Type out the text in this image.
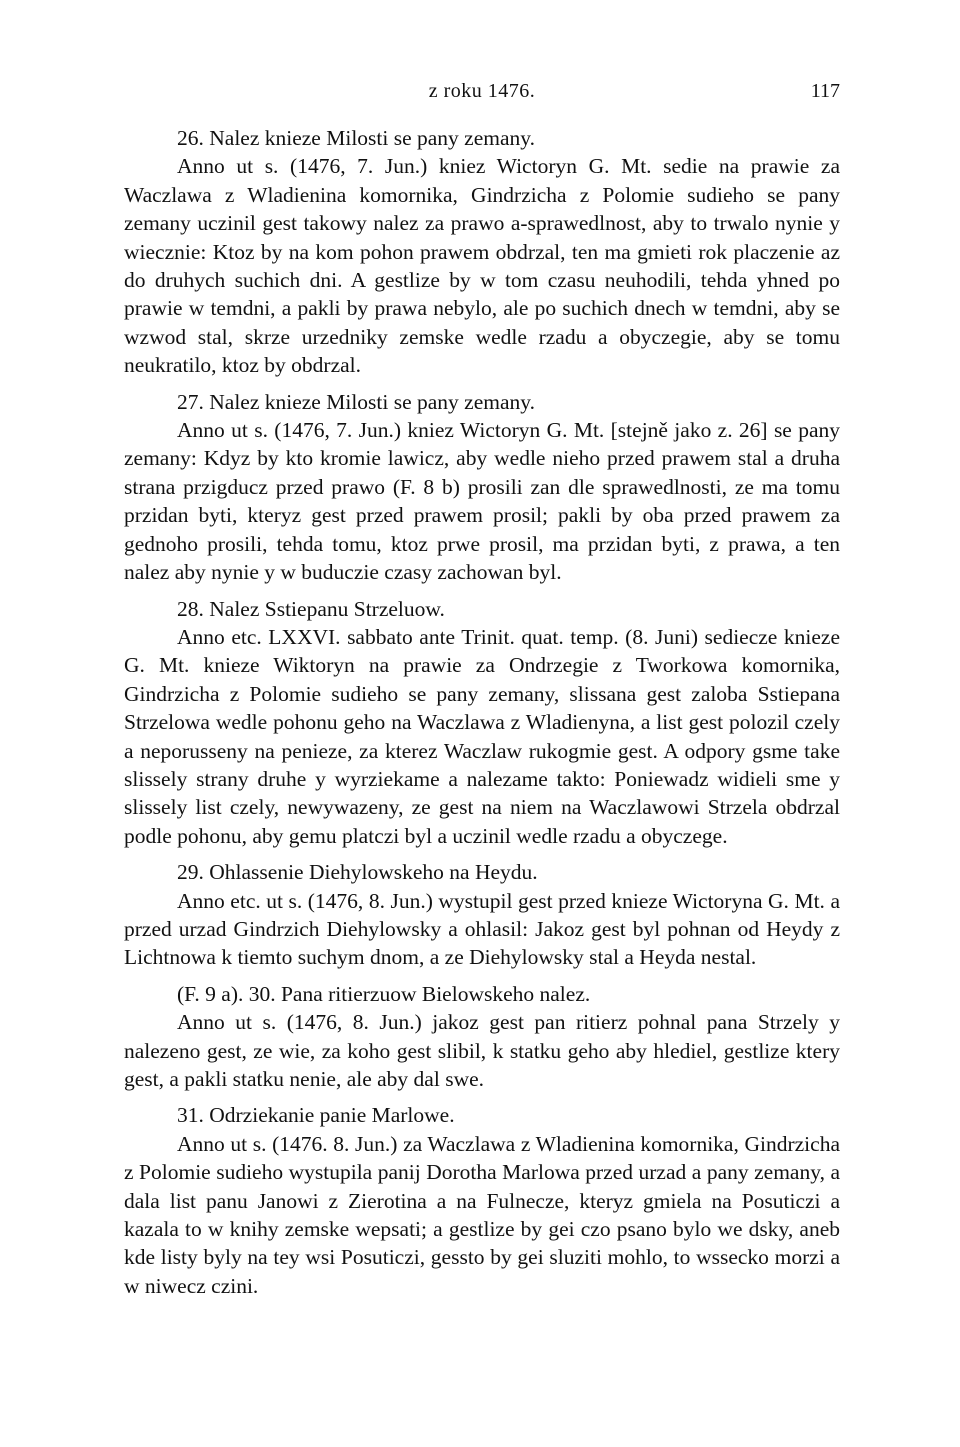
z roku 1476.	117

26. Nalez knieze Milosti se pany zemany.

Anno ut s. (1476, 7. Jun.) kniez Wictoryn G. Mt. sedie na prawie za Waczlawa z Wladienina komornika, Gindrzicha z Polomie sudieho se pany zemany uczinil gest takowy nalez za prawo a-sprawedlnost, aby to trwalo nynie y wiecznie: Ktoz by na kom pohon prawem obdrzal, ten ma gmieti rok placzenie az do druhych suchich dni. A gestlize by w tom czasu neuhodili, tehda yhned po prawie w temdni, a pakli by prawa nebylo, ale po suchich dnech w temdni, aby se wzwod stal, skrze urzedniky zemske wedle rzadu a obyczegie, aby se tomu neukratilo, ktoz by obdrzal.

27. Nalez knieze Milosti se pany zemany.

Anno ut s. (1476, 7. Jun.) kniez Wictoryn G. Mt. [stejně jako z. 26] se pany zemany: Kdyz by kto kromie lawicz, aby wedle nieho przed prawem stal a druha strana przigducz przed prawo (F. 8 b) prosili zan dle sprawedlnosti, ze ma tomu przidan byti, kteryz gest przed prawem prosil; pakli by oba przed prawem za gednoho prosili, tehda tomu, ktoz prwe prosil, ma przidan byti, z prawa, a ten nalez aby nynie y w buduczie czasy zachowan byl.

28. Nalez Sstiepanu Strzeluow.

Anno etc. LXXVI. sabbato ante Trinit. quat. temp. (8. Juni) sediecze knieze G. Mt. knieze Wiktoryn na prawie za Ondrzegie z Tworkowa komornika, Gindrzicha z Polomie sudieho se pany zemany, slissana gest zaloba Sstiepana Strzelowa wedle pohonu geho na Waczlawa z Wladienyna, a list gest polozil czely a neporusseny na penieze, za kterez Waczlaw rukogmie gest. A odpory gsme take slissely strany druhe y wyrziekame a nalezame takto: Poniewadz widieli sme y slissely list czely, newywazeny, ze gest na niem na Waczlawowi Strzela obdrzal podle pohonu, aby gemu platczi byl a uczinil wedle rzadu a obyczege.

29. Ohlassenie Diehylowskeho na Heydu.

Anno etc. ut s. (1476, 8. Jun.) wystupil gest przed knieze Wictoryna G. Mt. a przed urzad Gindrzich Diehylowsky a ohlasil: Jakoz gest byl pohnan od Heydy z Lichtnowa k tiemto suchym dnom, a ze Diehylowsky stal a Heyda nestal.

(F. 9 a). 30. Pana ritierzuow Bielowskeho nalez.

Anno ut s. (1476, 8. Jun.) jakoz gest pan ritierz pohnal pana Strzely y nalezeno gest, ze wie, za koho gest slibil, k statku geho aby hlediel, gestlize ktery gest, a pakli statku nenie, ale aby dal swe.

31. Odrziekanie panie Marlowe.

Anno ut s. (1476. 8. Jun.) za Waczlawa z Wladienina komornika, Gindrzicha z Polomie sudieho wystupila panij Dorotha Marlowa przed urzad a pany zemany, a dala list panu Janowi z Zierotina a na Fulnecze, kteryz gmiela na Posuticzi a kazala to w knihy zemske wepsati; a gestlize by gei czo psano bylo we dsky, aneb kde listy byly na tey wsi Posuticzi, gessto by gei sluziti mohlo, to wssecko morzi a w niwecz czini.
